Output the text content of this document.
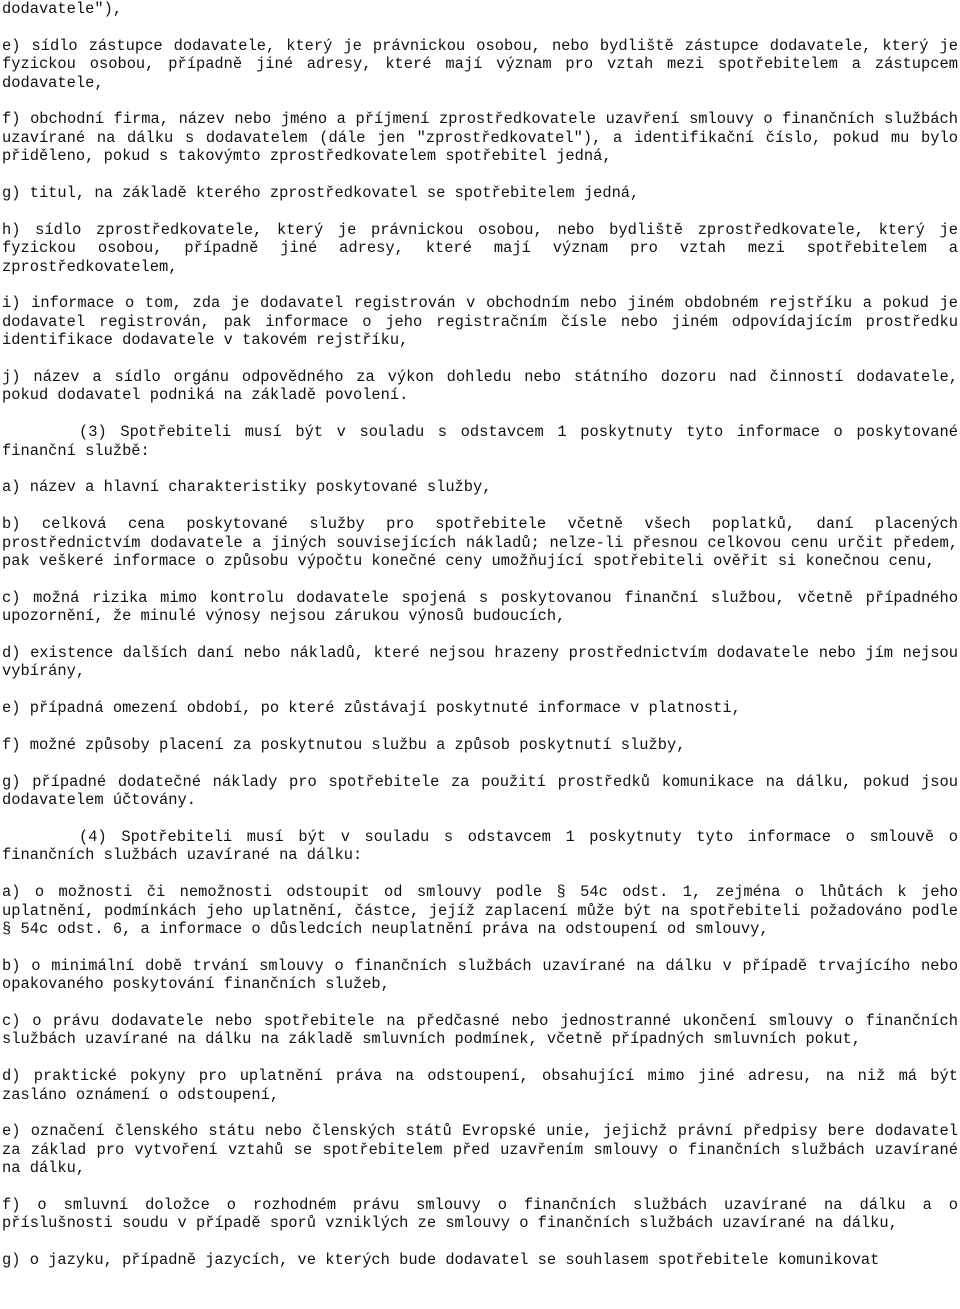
dodavatele"),

e) sídlo zástupce dodavatele, který je právnickou osobou, nebo bydliště zástupce dodavatele, který je fyzickou osobou, případně jiné adresy, které mají význam pro vztah mezi spotřebitelem a zástupcem dodavatele,

f) obchodní firma, název nebo jméno a příjmení zprostředkovatele uzavření smlouvy o finančních službách uzavírané na dálku s dodavatelem (dále jen "zprostředkovatel"), a identifikační číslo, pokud mu bylo přiděleno, pokud s takovýmto zprostředkovatelem spotřebitel jedná,

g) titul, na základě kterého zprostředkovatel se spotřebitelem jedná,

h) sídlo zprostředkovatele, který je právnickou osobou, nebo bydliště zprostředkovatele, který je fyzickou osobou, případně jiné adresy, které mají význam pro vztah mezi spotřebitelem a zprostředkovatelem,

i) informace o tom, zda je dodavatel registrován v obchodním nebo jiném obdobném rejstříku a pokud je dodavatel registrován, pak informace o jeho registračním čísle nebo jiném odpovídajícím prostředku identifikace dodavatele v takovém rejstříku,

j) název a sídlo orgánu odpovědného za výkon dohledu nebo státního dozoru nad činností dodavatele, pokud dodavatel podniká na základě povolení.

(3) Spotřebiteli musí být v souladu s odstavcem 1 poskytnuty tyto informace o poskytované finanční službě:

a) název a hlavní charakteristiky poskytované služby,

b) celková cena poskytované služby pro spotřebitele včetně všech poplatků, daní placených prostřednictvím dodavatele a jiných souvisejících nákladů; nelze-li přesnou celkovou cenu určit předem, pak veškeré informace o způsobu výpočtu konečné ceny umožňující spotřebiteli ověřit si konečnou cenu,

c) možná rizika mimo kontrolu dodavatele spojená s poskytovanou finanční službou, včetně případného upozornění, že minulé výnosy nejsou zárukou výnosů budoucích,

d) existence dalších daní nebo nákladů, které nejsou hrazeny prostřednictvím dodavatele nebo jím nejsou vybírány,

e) případná omezení období, po které zůstávají poskytnuté informace v platnosti,

f) možné způsoby placení za poskytnutou službu a způsob poskytnutí služby,

g) případné dodatečné náklady pro spotřebitele za použití prostředků komunikace na dálku, pokud jsou dodavatelem účtovány.

(4) Spotřebiteli musí být v souladu s odstavcem 1 poskytnuty tyto informace o smlouvě o finančních službách uzavírané na dálku:

a) o možnosti či nemožnosti odstoupit od smlouvy podle § 54c odst. 1, zejména o lhůtách k jeho uplatnění, podmínkách jeho uplatnění, částce, jejíž zaplacení může být na spotřebiteli požadováno podle § 54c odst. 6, a informace o důsledcích neuplatnění práva na odstoupení od smlouvy,

b) o minimální době trvání smlouvy o finančních službách uzavírané na dálku v případě trvajícího nebo opakovaného poskytování finančních služeb,

c) o právu dodavatele nebo spotřebitele na předčasné nebo jednostranné ukončení smlouvy o finančních službách uzavírané na dálku na základě smluvních podmínek, včetně případných smluvních pokut,

d) praktické pokyny pro uplatnění práva na odstoupení, obsahující mimo jiné adresu, na niž má být zasláno oznámení o odstoupení,

e) označení členského státu nebo členských států Evropské unie, jejichž právní předpisy bere dodavatel za základ pro vytvoření vztahů se spotřebitelem před uzavřením smlouvy o finančních službách uzavírané na dálku,

f) o smluvní doložce o rozhodném právu smlouvy o finančních službách uzavírané na dálku a o příslušnosti soudu v případě sporů vzniklých ze smlouvy o finančních službách uzavírané na dálku,

g) o jazyku, případně jazycích, ve kterých bude dodavatel se souhlasem spotřebitele komunikovat
